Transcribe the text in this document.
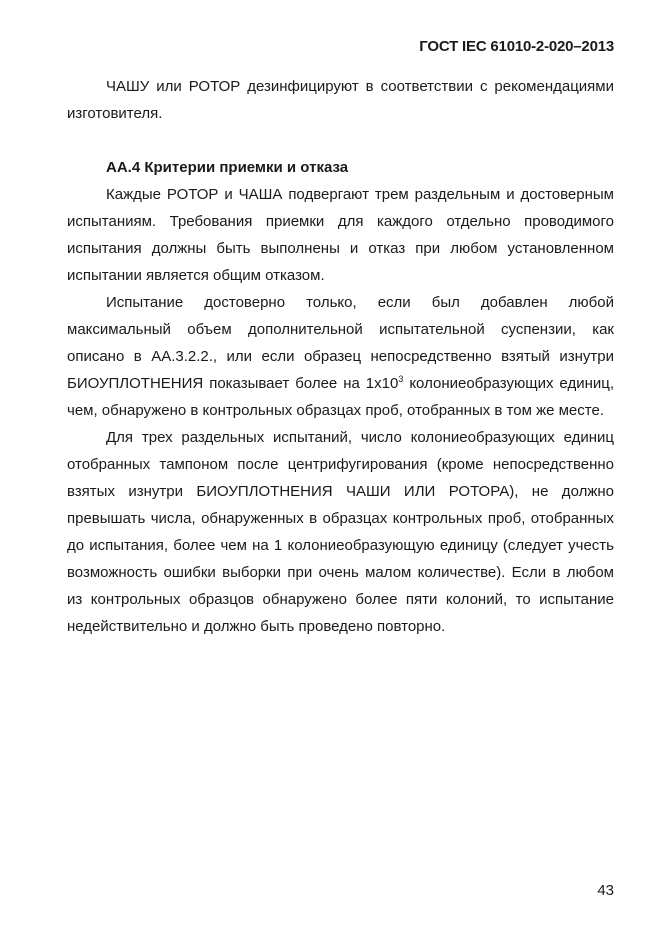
ГОСТ IEC 61010-2-020–2013

ЧАШУ или РОТОР дезинфицируют в соответствии с рекомендациями изготовителя.

АА.4 Критерии приемки и отказа

Каждые РОТОР и ЧАША подвергают трем раздельным и достоверным испытаниям. Требования приемки для каждого отдельно проводимого испытания должны быть выполнены и отказ при любом установленном испытании является общим отказом.

Испытание достоверно только, если был добавлен любой максимальный объем дополнительной испытательной суспензии, как описано в АА.3.2.2., или если образец непосредственно взятый изнутри БИОУПЛОТНЕНИЯ показывает более на $1х10^3$ колониеобразующих единиц, чем, обнаружено в контрольных образцах проб, отобранных в том же месте.

Для трех раздельных испытаний, число колониеобразующих единиц отобранных тампоном после центрифугирования (кроме непосредственно взятых изнутри БИОУПЛОТНЕНИЯ ЧАШИ ИЛИ РОТОРА), не должно превышать числа, обнаруженных в образцах контрольных проб, отобранных до испытания, более чем на 1 колониеобразующую единицу (следует учесть возможность ошибки выборки при очень малом количестве). Если в любом из контрольных образцов обнаружено более пяти колоний, то испытание недействительно и должно быть проведено повторно.

43
